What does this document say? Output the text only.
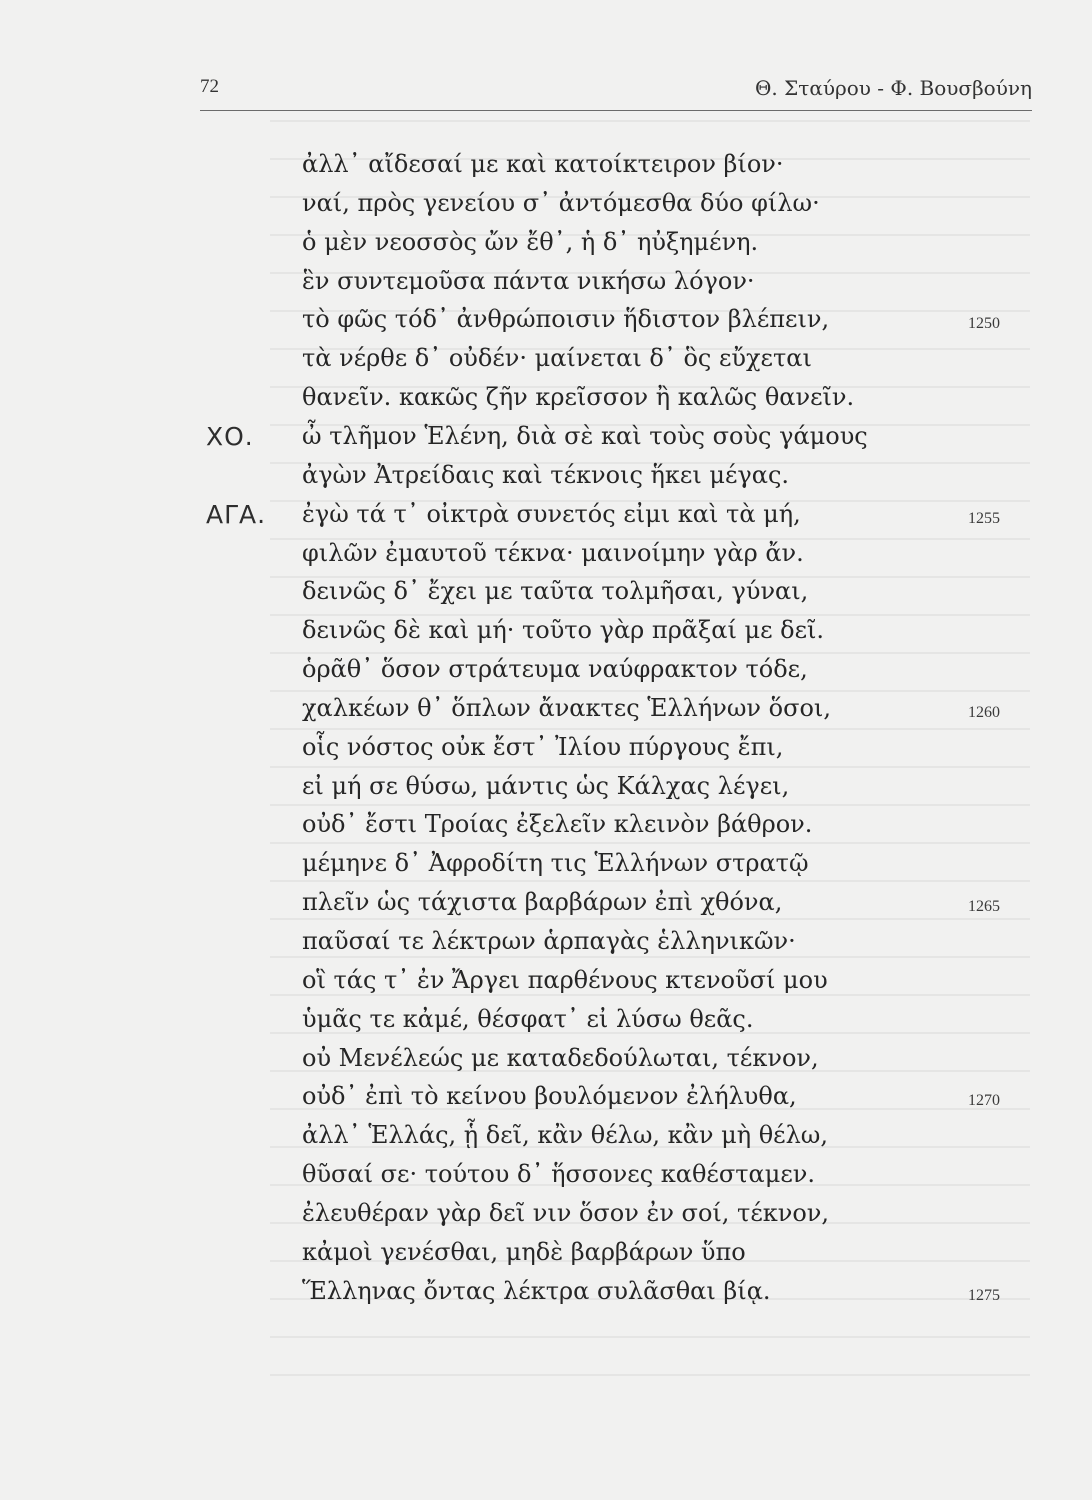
72	Θ. Σταύρου - Φ. Βουσβούνη
ἀλλ᾽ αἴδεσαί με καὶ κατοίκτειρον βίον·
ναί, πρὸς γενείου σ᾽ ἀντόμεσθα δύο φίλω·
ὁ μὲν νεοσσὸς ὤν ἔθ᾽, ἡ δ᾽ ηὐξημένη.
ἓν συντεμοῦσα πάντα νικήσω λόγον·
τὸ φῶς τόδ᾽ ἀνθρώποισιν ἥδιστον βλέπειν,	1250
τὰ νέρθε δ᾽ οὐδέν· μαίνεται δ᾽ ὃς εὔχεται
θανεῖν. κακῶς ζῆν κρεῖσσον ἢ καλῶς θανεῖν.
ΧΟ. ὦ τλῆμον Ἑλένη, διὰ σὲ καὶ τοὺς σοὺς γάμους
ἀγὼν Ἀτρείδαις καὶ τέκνοις ἥκει μέγας.
ΑΓΑ. ἐγὼ τά τ᾽ οἰκτρὰ συνετός εἰμι καὶ τὰ μή,	1255
φιλῶν ἐμαυτοῦ τέκνα· μαινοίμην γὰρ ἄν.
δεινῶς δ᾽ ἔχει με ταῦτα τολμῆσαι, γύναι,
δεινῶς δὲ καὶ μή· τοῦτο γὰρ πρᾶξαί με δεῖ.
ὁρᾶθ᾽ ὅσον στράτευμα ναύφρακτον τόδε,
χαλκέων θ᾽ ὅπλων ἄνακτες Ἑλλήνων ὅσοι,	1260
οἷς νόστος οὐκ ἔστ᾽ Ἰλίου πύργους ἔπι,
εἰ μή σε θύσω, μάντις ὡς Κάλχας λέγει,
οὐδ᾽ ἔστι Τροίας ἐξελεῖν κλεινὸν βάθρον.
μέμηνε δ᾽ Ἀφροδίτη τις Ἑλλήνων στρατῷ
πλεῖν ὡς τάχιστα βαρβάρων ἐπὶ χθόνα,	1265
παῦσαί τε λέκτρων ἁρπαγὰς ἑλληνικῶν·
οἳ τάς τ᾽ ἐν Ἄργει παρθένους κτενοῦσί μου
ὑμᾶς τε κἀμέ, θέσφατ᾽ εἰ λύσω θεᾶς.
οὐ Μενέλεώς με καταδεδούλωται, τέκνον,
οὐδ᾽ ἐπὶ τὸ κείνου βουλόμενον ἐλήλυθα,	1270
ἀλλ᾽ Ἑλλάς, ᾗ δεῖ, κἂν θέλω, κἂν μὴ θέλω,
θῦσαί σε· τούτου δ᾽ ἥσσονες καθέσταμεν.
ἐλευθέραν γὰρ δεῖ νιν ὅσον ἐν σοί, τέκνον,
κἀμοὶ γενέσθαι, μηδὲ βαρβάρων ὕπο
Ἕλληνας ὄντας λέκτρα συλᾶσθαι βίᾳ.	1275
